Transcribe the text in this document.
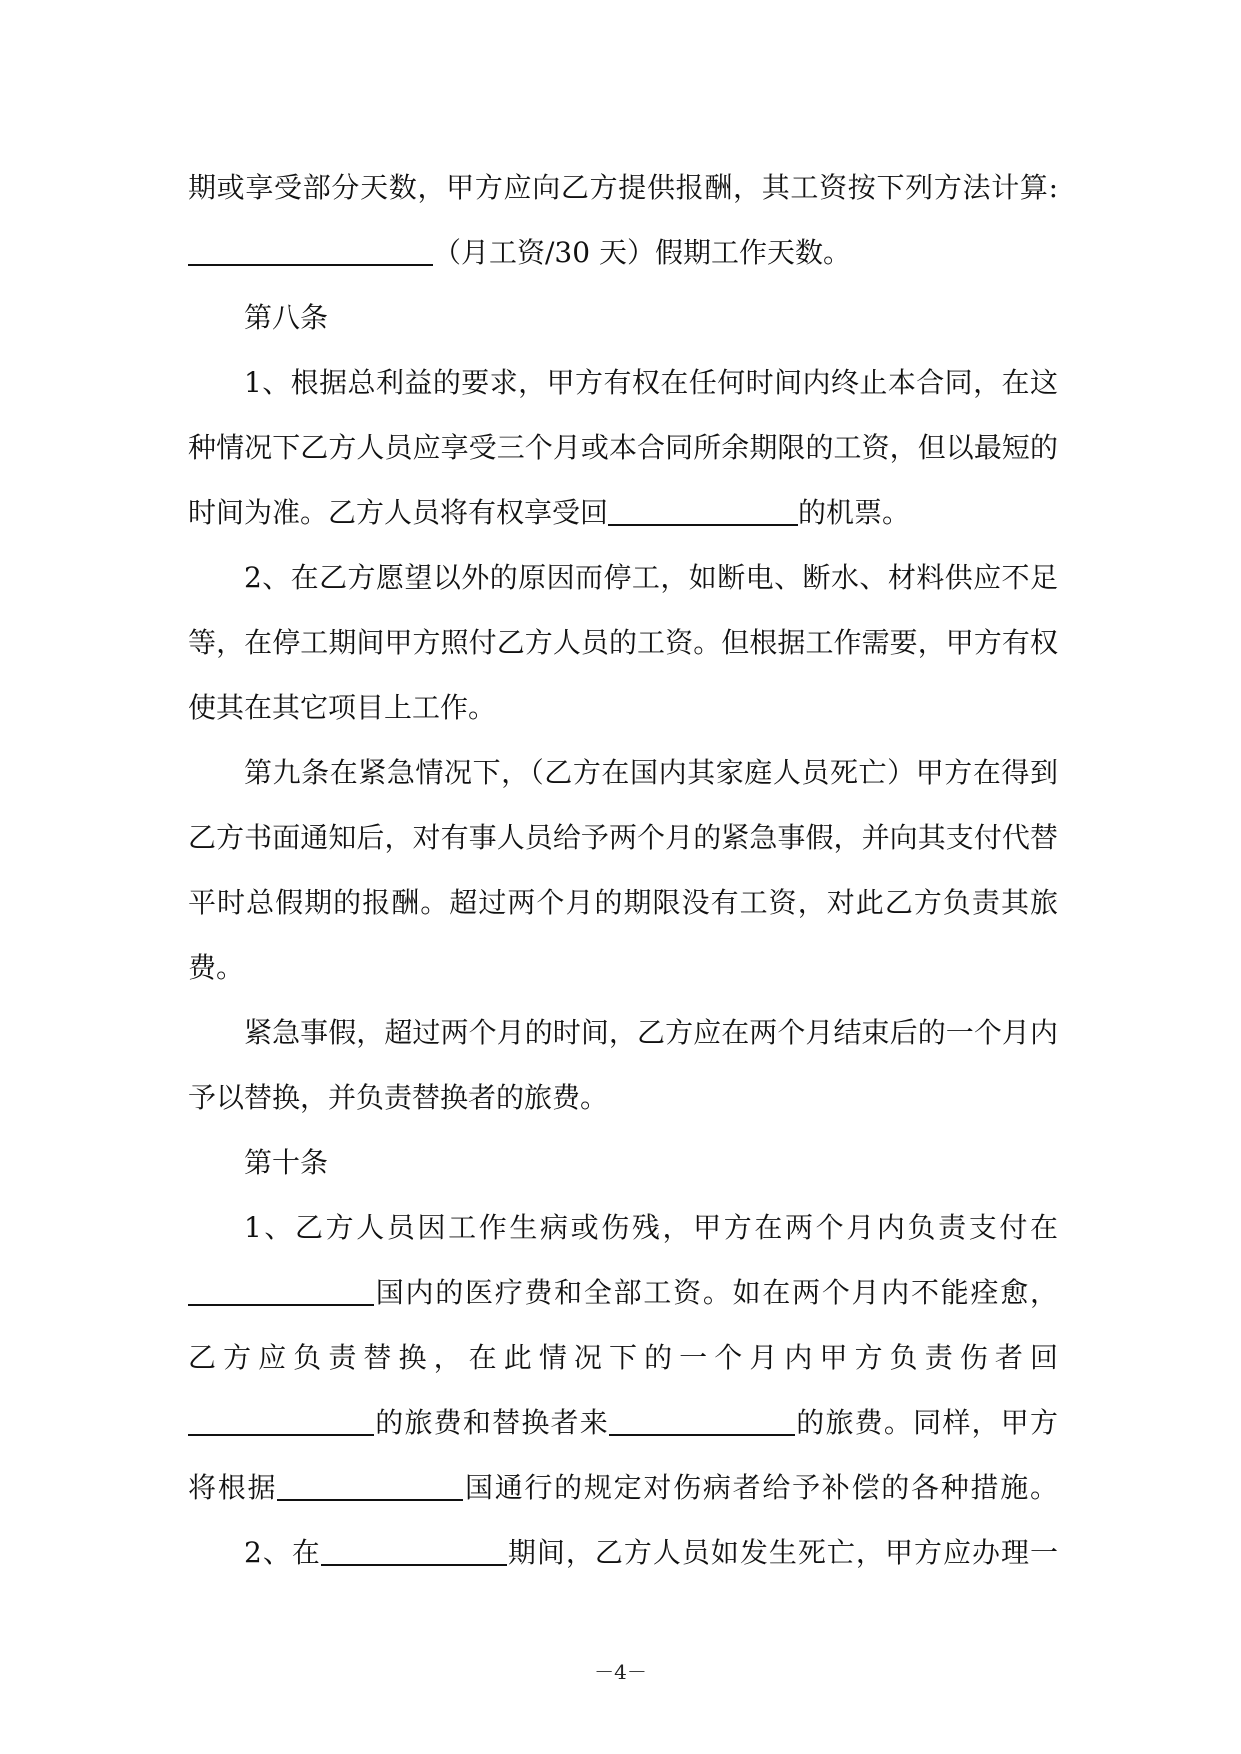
期或享受部分天数，甲方应向乙方提供报酬，其工资按下列方法计算:

（月工资/30 天）假期工作天数。

第八条

1、根据总利益的要求，甲方有权在任何时间内终止本合同，在这种情况下乙方人员应享受三个月或本合同所余期限的工资，但以最短的时间为准。乙方人员将有权享受回	的机票。

2、在乙方愿望以外的原因而停工，如断电、断水、材料供应不足等，在停工期间甲方照付乙方人员的工资。但根据工作需要，甲方有权使其在其它项目上工作。

第九条在紧急情况下，（乙方在国内其家庭人员死亡）甲方在得到乙方书面通知后，对有事人员给予两个月的紧急事假，并向其支付代替平时总假期的报酬。超过两个月的期限没有工资，对此乙方负责其旅费。

紧急事假，超过两个月的时间，乙方应在两个月结束后的一个月内予以替换，并负责替换者的旅费。

第十条

1、乙方人员因工作生病或伤残，甲方在两个月内负责支付在

国内的医疗费和全部工资。如在两个月内不能痊愈，

乙方应负责替换，在此情况下的一个月内甲方负责伤者回

的旅费和替换者来	的旅费。同样，甲方

将根据	国通行的规定对伤病者给予补偿的各种措施。

2、在	期间，乙方人员如发生死亡，甲方应办理一

－4－
